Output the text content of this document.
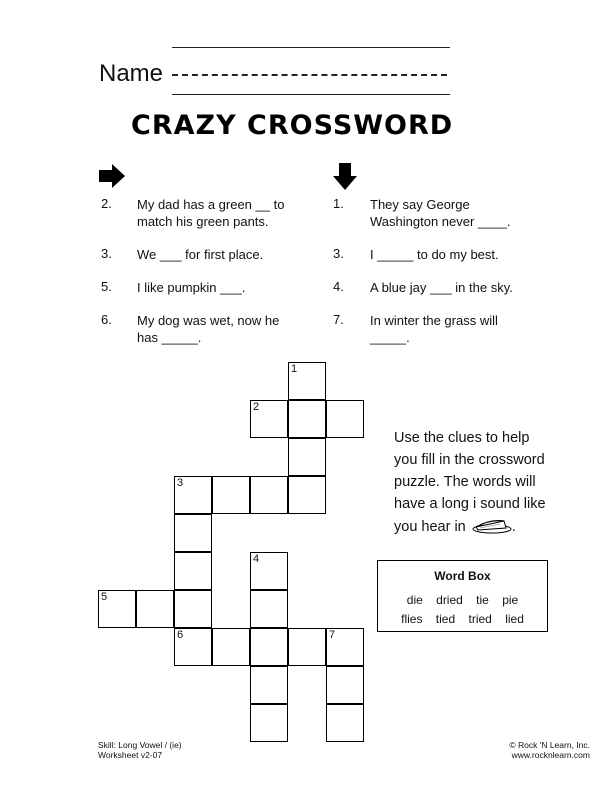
Name
CRAZY CROSSWORD
2. My dad has a green __ to match his green pants.
3. We ___ for first place.
5. I like pumpkin ___.
6. My dog was wet, now he has _____.
1. They say George Washington never ____.
3. I _____ to do my best.
4. A blue jay ___ in the sky.
7. In winter the grass will _____.
1
2
3
4
5
6	7
Use the clues to help you fill in the crossword puzzle. The words will have a long i sound like you hear in	.
Word Box
die dried tie pie
flies tied tried lied
Skill: Long Vowel / (ie)
Worksheet v2-07
© Rock 'N Learn, Inc.
www.rocknlearn.com
